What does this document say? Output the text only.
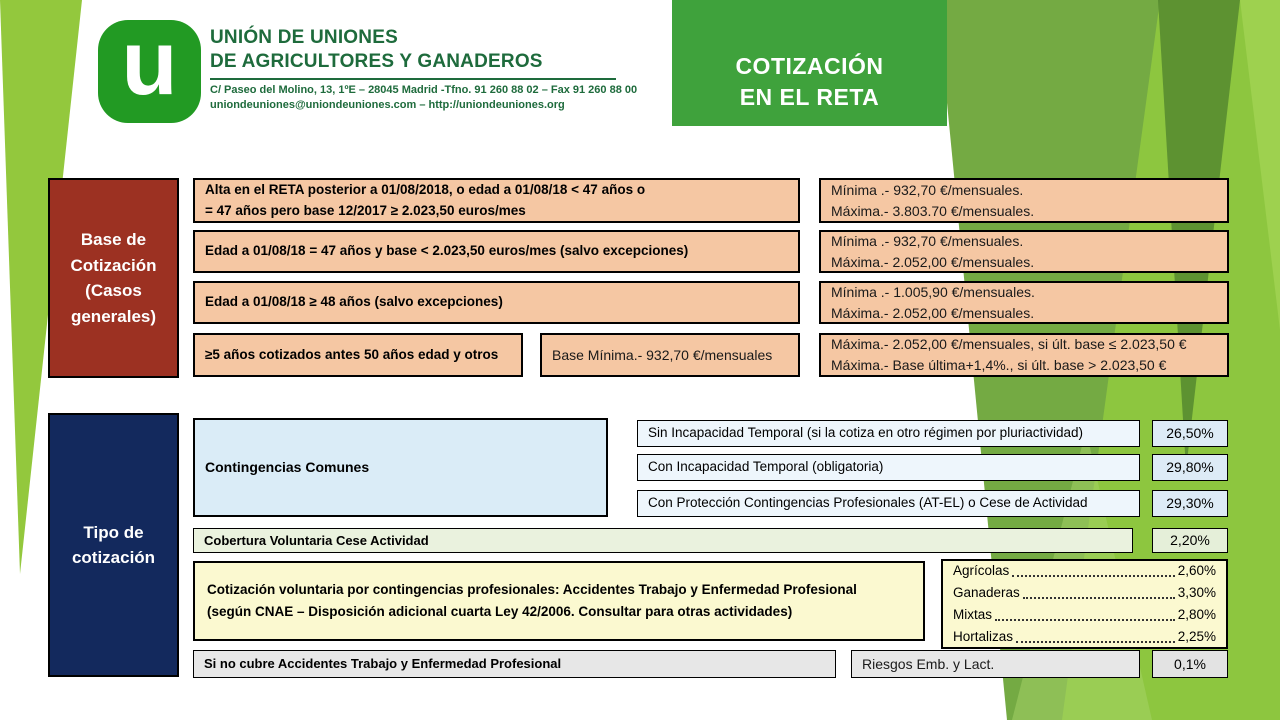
u UNIÓN DE UNIONES
DE AGRICULTORES Y GANADEROS
C/ Paseo del Molino, 13, 1ºE – 28045 Madrid -Tfno. 91 260 88 02 – Fax 91 260 88 00
uniondeuniones@uniondeuniones.com – http://uniondeuniones.org
COTIZACIÓN
EN EL RETA
Base de Cotización (Casos generales)
Alta en el RETA posterior a 01/08/2018, o edad a 01/08/18 < 47 años o
= 47 años pero base 12/2017 ≥ 2.023,50 euros/mes
Mínima .- 932,70 €/mensuales.
Máxima.- 3.803.70 €/mensuales.
Edad a 01/08/18 = 47 años y base < 2.023,50 euros/mes (salvo excepciones)
Mínima .- 932,70 €/mensuales.
Máxima.- 2.052,00 €/mensuales.
Edad a 01/08/18 ≥ 48 años (salvo excepciones)
Mínima .- 1.005,90 €/mensuales.
Máxima.- 2.052,00 €/mensuales.
≥5 años cotizados antes 50 años edad y otros	Base Mínima.- 932,70 €/mensuales
Máxima.- 2.052,00 €/mensuales, si últ. base ≤ 2.023,50 €
Máxima.- Base última+1,4%., si últ. base > 2.023,50 €
Tipo de cotización
Contingencias Comunes
Sin Incapacidad Temporal (si la cotiza en otro régimen por pluriactividad)	26,50%
Con Incapacidad Temporal (obligatoria)	29,80%
Con Protección Contingencias Profesionales (AT-EL) o Cese de Actividad	29,30%
Cobertura Voluntaria Cese Actividad	2,20%
Cotización voluntaria por contingencias profesionales: Accidentes Trabajo y Enfermedad Profesional
(según CNAE – Disposición adicional cuarta Ley 42/2006. Consultar para otras actividades)
Agrícolas	2,60%
Ganaderas	3,30%
Mixtas	2,80%
Hortalizas	2,25%
Si no cubre Accidentes Trabajo y Enfermedad Profesional	Riesgos Emb. y Lact.	0,1%
